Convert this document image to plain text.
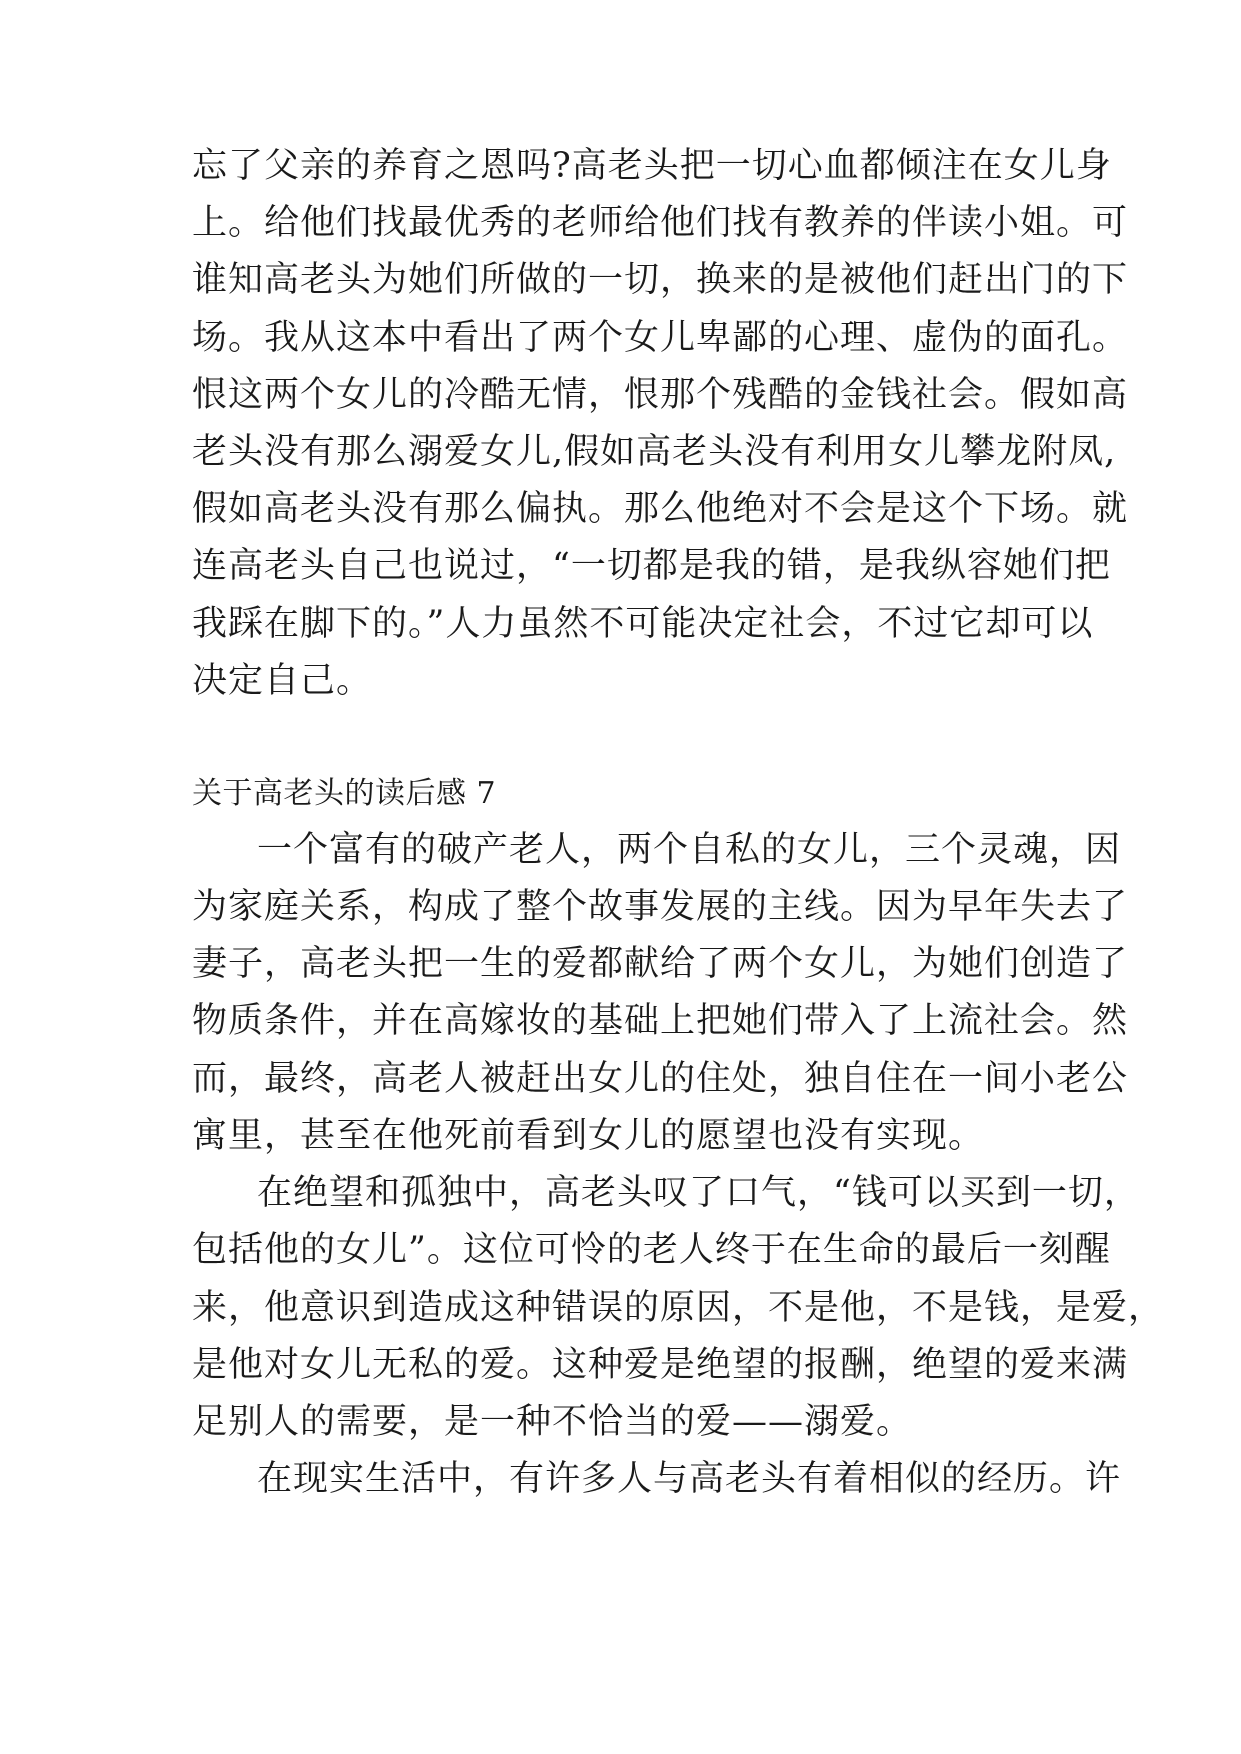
忘了父亲的养育之恩吗?高老头把一切心血都倾注在女儿身
上。给他们找最优秀的老师给他们找有教养的伴读小姐。可
谁知高老头为她们所做的一切，换来的是被他们赶出门的下
场。我从这本中看出了两个女儿卑鄙的心理、虚伪的面孔。
恨这两个女儿的冷酷无情，恨那个残酷的金钱社会。假如高
老头没有那么溺爱女儿,假如高老头没有利用女儿攀龙附凤,
假如高老头没有那么偏执。那么他绝对不会是这个下场。就
连高老头自己也说过，“一切都是我的错，是我纵容她们把
我踩在脚下的。”人力虽然不可能决定社会，不过它却可以
决定自己。
关于高老头的读后感 7
一个富有的破产老人，两个自私的女儿，三个灵魂，因
为家庭关系，构成了整个故事发展的主线。因为早年失去了
妻子，高老头把一生的爱都献给了两个女儿，为她们创造了
物质条件，并在高嫁妆的基础上把她们带入了上流社会。然
而，最终，高老人被赶出女儿的住处，独自住在一间小老公
寓里，甚至在他死前看到女儿的愿望也没有实现。
在绝望和孤独中，高老头叹了口气，“钱可以买到一切，
包括他的女儿”。这位可怜的老人终于在生命的最后一刻醒
来，他意识到造成这种错误的原因，不是他，不是钱，是爱，
是他对女儿无私的爱。这种爱是绝望的报酬，绝望的爱来满
足别人的需要，是一种不恰当的爱——溺爱。
在现实生活中，有许多人与高老头有着相似的经历。许
